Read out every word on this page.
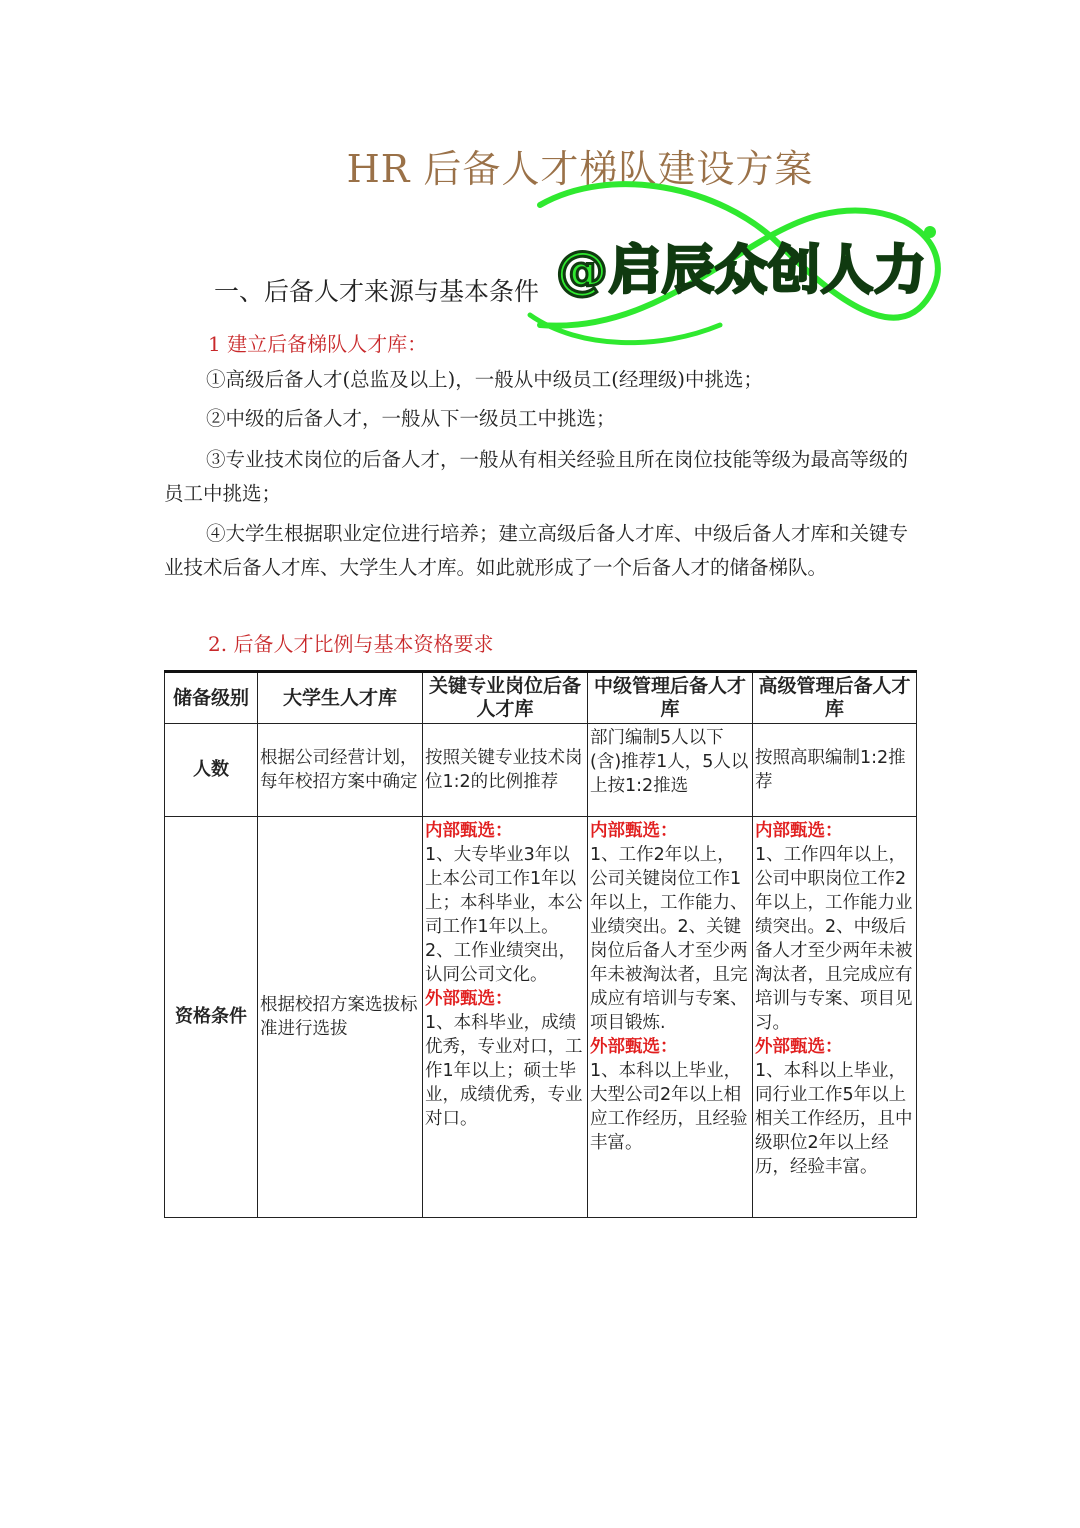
HR 后备人才梯队建设方案
一、后备人才来源与基本条件

1 建立后备梯队人才库：

①高级后备人才(总监及以上)，一般从中级员工(经理级)中挑选；

②中级的后备人才，一般从下一级员工中挑选；

③专业技术岗位的后备人才，一般从有相关经验且所在岗位技能等级为最高等级的员工中挑选；

④大学生根据职业定位进行培养；建立高级后备人才库、中级后备人才库和关键专业技术后备人才库、大学生人才库。如此就形成了一个后备人才的储备梯队。

2. 后备人才比例与基本资格要求

@启辰众创人力
储备级别	大学生人才库	关键专业岗位后备人才库	中级管理后备人才库	高级管理后备人才库
人数	根据公司经营计划，每年校招方案中确定	按照关键专业技术岗位1:2的比例推荐	部门编制5人以下(含)推荐1人，5人以上按1:2推选	按照高职编制1:2推荐
资格条件	根据校招方案选拔标准进行选拔	内部甄选：
1、大专毕业3年以上本公司工作1年以上；本科毕业，本公司工作1年以上。2、工作业绩突出，认同公司文化。
外部甄选：
1、本科毕业，成绩优秀，专业对口，工作1年以上；硕士毕业，成绩优秀，专业对口。	内部甄选：
1、工作2年以上，公司关键岗位工作1年以上，工作能力、业绩突出。2、关键岗位后备人才至少两年未被淘汰者，且完成应有培训与专案、项目锻炼.
外部甄选：
1、本科以上毕业，大型公司2年以上相应工作经历，且经验丰富。	内部甄选：
1、工作四年以上，公司中职岗位工作2年以上，工作能力业绩突出。2、中级后备人才至少两年未被淘汰者，且完成应有培训与专案、项目见习。
外部甄选：
1、本科以上毕业，同行业工作5年以上相关工作经历，且中级职位2年以上经历，经验丰富。
